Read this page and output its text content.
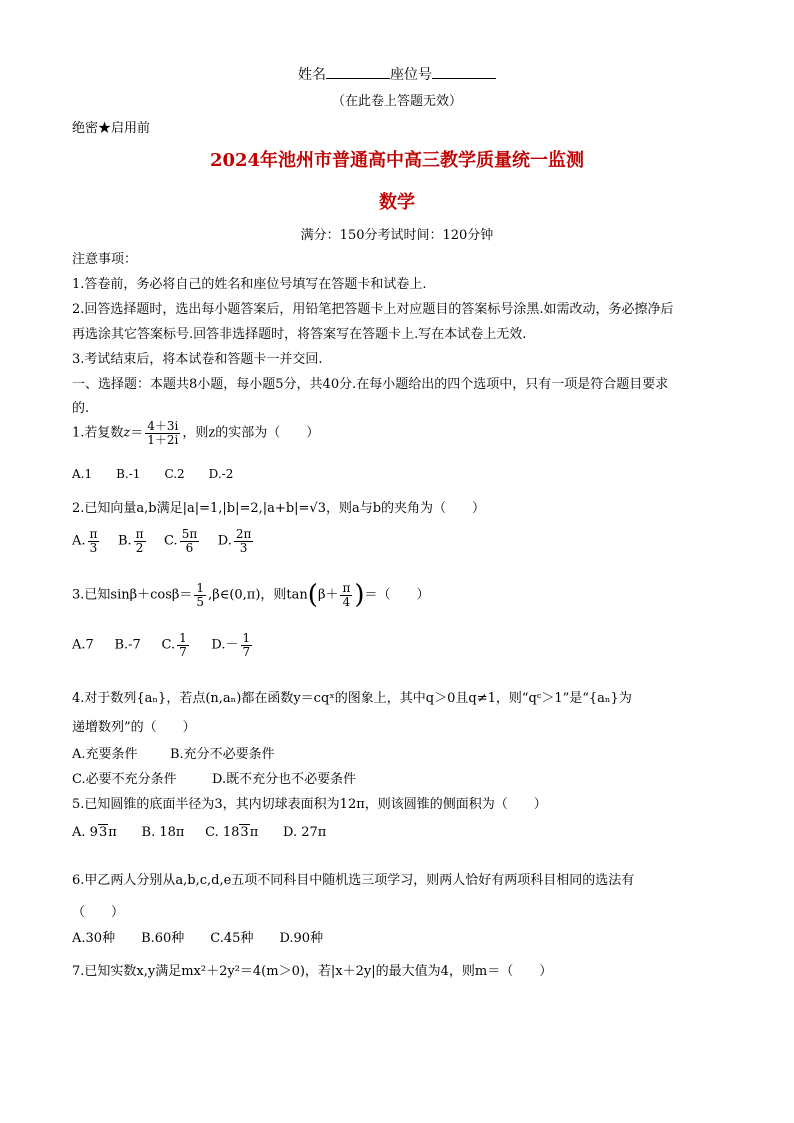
姓名	座位号
（在此卷上答题无效）
绝密★启用前
2024年池州市普通高中高三教学质量统一监测
数学
满分：150分考试时间：120分钟
注意事项：
1.答卷前，务必将自己的姓名和座位号填写在答题卡和试卷上.
2.回答选择题时，选出每小题答案后，用铅笔把答题卡上对应题目的答案标号涂黑.如需改动，务必擦净后
再选涂其它答案标号.回答非选择题时，将答案写在答题卡上.写在本试卷上无效.
3.考试结束后，将本试卷和答题卡一并交回.
一、选择题：本题共8小题，每小题5分，共40分.在每小题给出的四个选项中，只有一项是符合题目要求
的.
1.若复数$z= \frac{4+3i}{1+2i}$ ，则z的实部为（　　）
A.1　　B.-1　　C.2　　D.-2
2.已知向量a,b满足|a|=1,|b|=2,|a+b|=√3，则a与b的夹角为（　　）
A. $\frac{\pi}{3} B$. $\frac{\pi}{2} C$. $\frac{5\pi}{6} D$. $\frac{2\pi}{3}$
3.已知$\sin\beta+\cos\beta= \frac{1}{5}$ ,β∈(0,π)，则$\tan(\beta+ \frac{\pi}{4}$ )＝（　　）
A.7     B.-7     C. $\frac{1}{7} D.- \frac{1}{7}$
4.对于数列{aₙ}，若点(n,aₙ)都在函数y＝cqˣ的图象上，其中q＞0且q≠1，则“qᶜ＞1”是“{aₙ}为
递增数列”的（　　）
A.充要条件 B.充分不必要条件
C.必要不充分条件	D.既不充分也不必要条件
5.已知圆锥的底面半径为3，其内切球表面积为12π，则该圆锥的侧面积为（　　）
A. 93π      B. 18π     C. 183π      D. 27π
6.甲乙两人分别从a,b,c,d,e五项不同科目中随机选三项学习，则两人恰好有两项科目相同的选法有
（　　）
A.30种　　B.60种　　C.45种　　D.90种
7.已知实数x,y满足mx²＋2y²＝4(m＞0)，若|x＋2y|的最大值为4，则m＝（　　）
